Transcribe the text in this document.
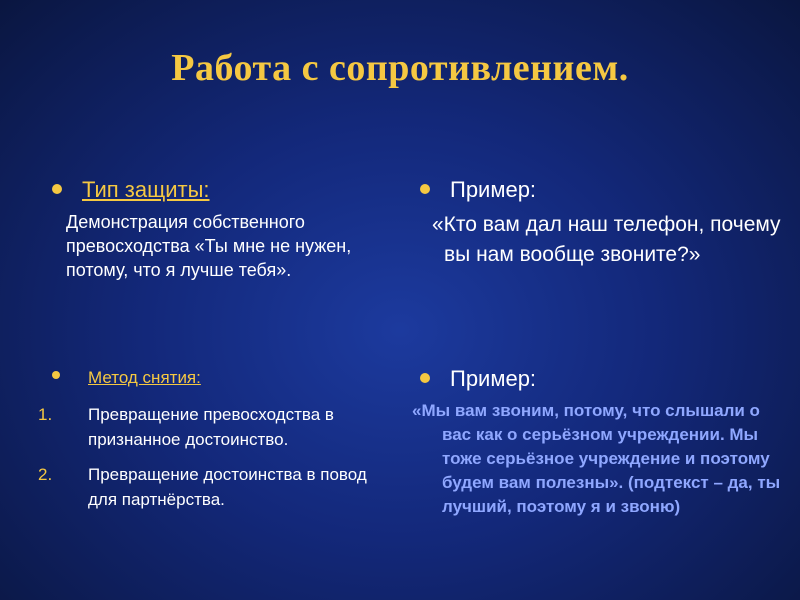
Работа с сопротивлением.
Тип защиты:
Демонстрация собственного превосходства «Ты мне не нужен, потому, что я лучше тебя».
Пример:
«Кто вам дал наш телефон, почему вы нам вообще звоните?»
Метод снятия:
1. Превращение превосходства в признанное достоинство.
2. Превращение достоинства в повод для партнёрства.
Пример:
«Мы вам звоним, потому, что слышали о вас как о серьёзном учреждении. Мы тоже серьёзное учреждение и поэтому будем вам полезны». (подтекст – да, ты лучший, поэтому я и звоню)
